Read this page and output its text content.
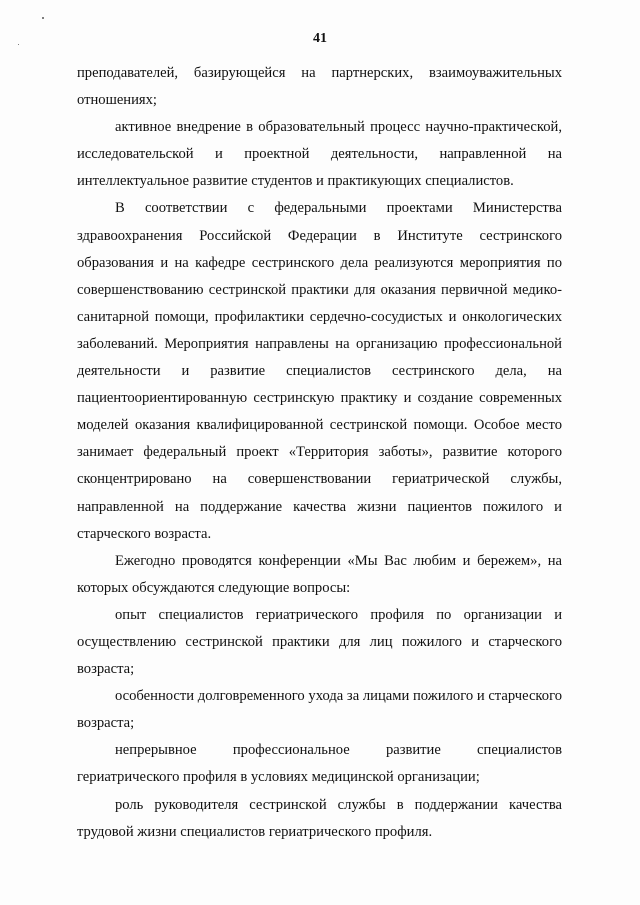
41

преподавателей, базирующейся на партнерских, взаимоуважительных отношениях;

активное внедрение в образовательный процесс научно-практической, исследовательской и проектной деятельности, направленной на интеллектуальное развитие студентов и практикующих специалистов.

В соответствии с федеральными проектами Министерства здравоохранения Российской Федерации в Институте сестринского образования и на кафедре сестринского дела реализуются мероприятия по совершенствованию сестринской практики для оказания первичной медико-санитарной помощи, профилактики сердечно-сосудистых и онкологических заболеваний. Мероприятия направлены на организацию профессиональной деятельности и развитие специалистов сестринского дела, на пациентоориентированную сестринскую практику и создание современных моделей оказания квалифицированной сестринской помощи. Особое место занимает федеральный проект «Территория заботы», развитие которого сконцентрировано на совершенствовании гериатрической службы, направленной на поддержание качества жизни пациентов пожилого и старческого возраста.

Ежегодно проводятся конференции «Мы Вас любим и бережем», на которых обсуждаются следующие вопросы:

опыт специалистов гериатрического профиля по организации и осуществлению сестринской практики для лиц пожилого и старческого возраста;

особенности долговременного ухода за лицами пожилого и старческого возраста;

непрерывное профессиональное развитие специалистов гериатрического профиля в условиях медицинской организации;

роль руководителя сестринской службы в поддержании качества трудовой жизни специалистов гериатрического профиля.
